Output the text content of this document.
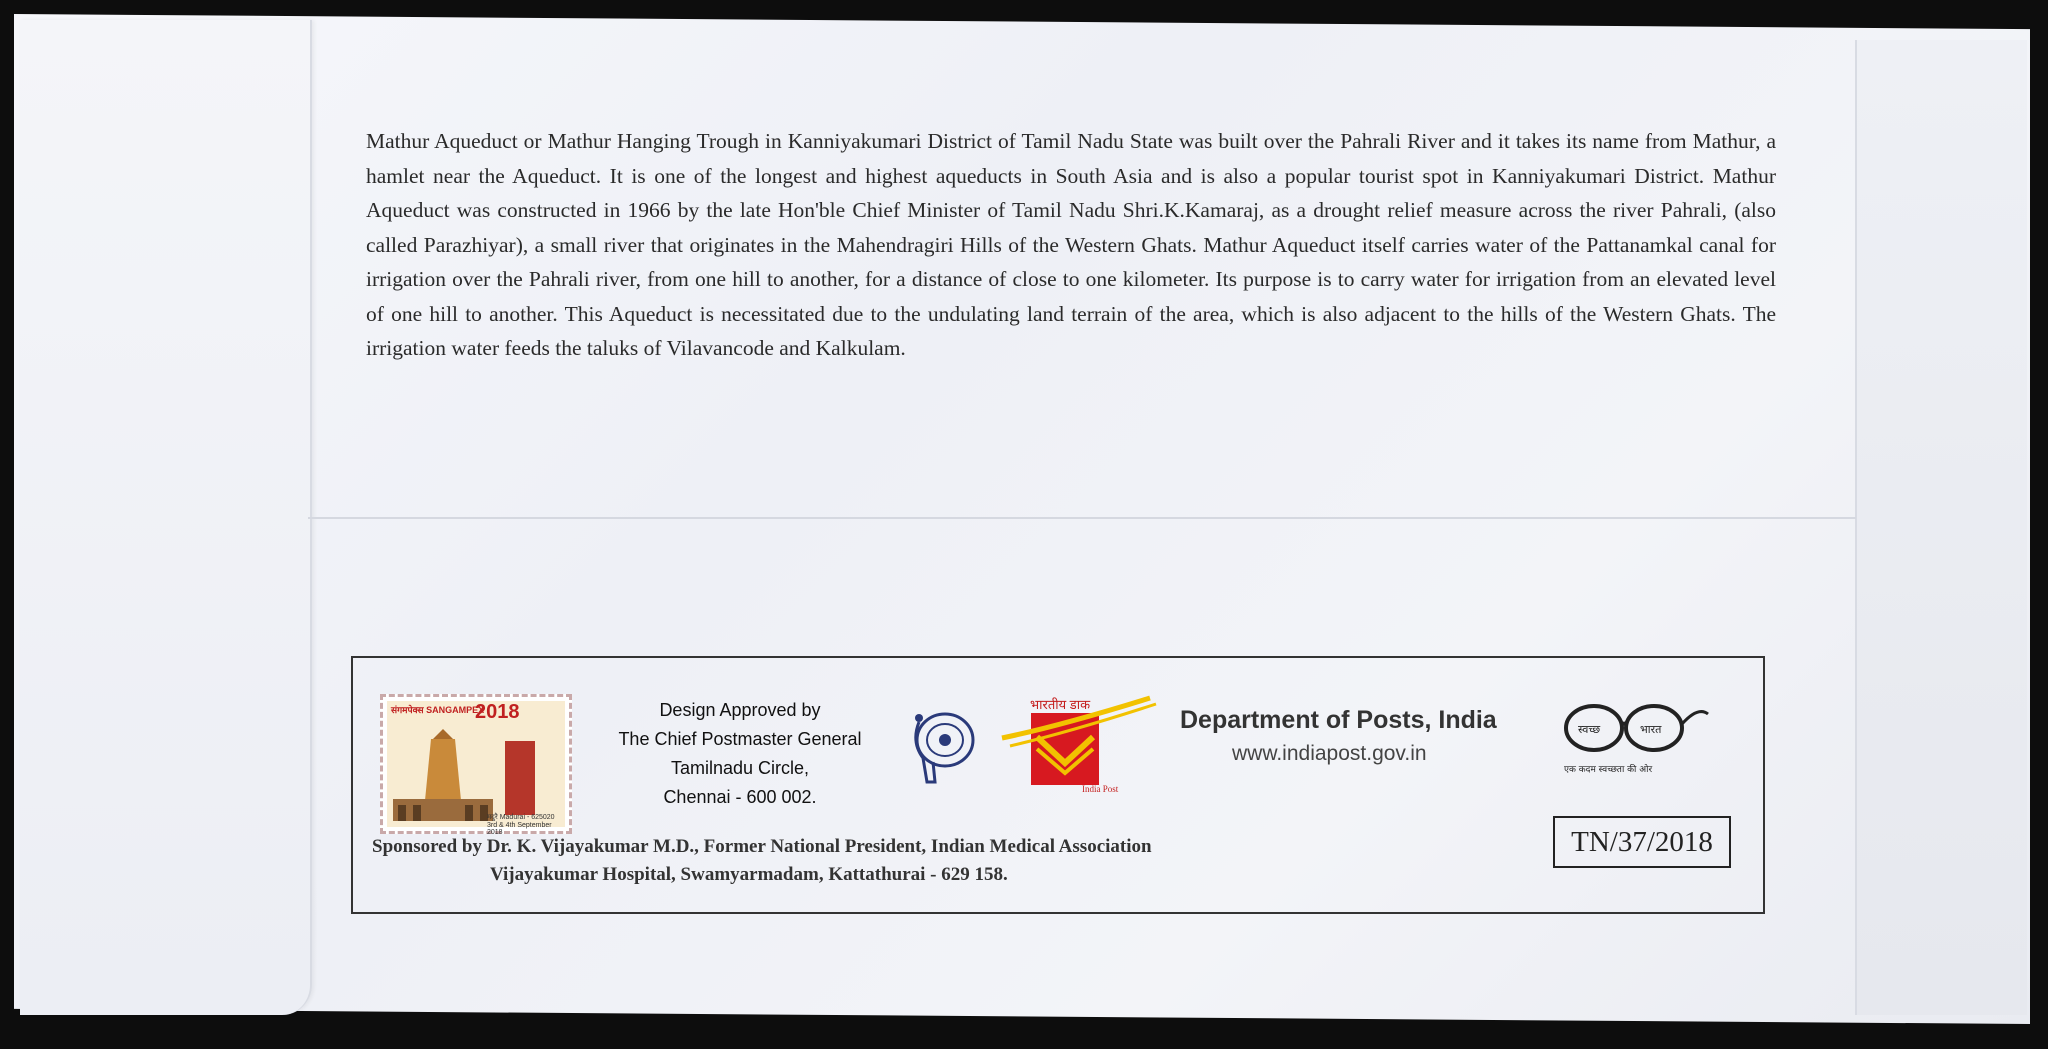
Mathur Aqueduct or Mathur Hanging Trough in Kanniyakumari District of Tamil Nadu State was built over the Pahrali River and it takes its name from Mathur, a hamlet near the Aqueduct. It is one of the longest and highest aqueducts in South Asia and is also a popular tourist spot in Kanniyakumari District. Mathur Aqueduct was constructed in 1966 by the late Hon'ble Chief Minister of Tamil Nadu Shri.K.Kamaraj, as a drought relief measure across the river Pahrali, (also called Parazhiyar), a small river that originates in the Mahendragiri Hills of the Western Ghats. Mathur Aqueduct itself carries water of the Pattanamkal canal for irrigation over the Pahrali river, from one hill to another, for a distance of close to one kilometer. Its purpose is to carry water for irrigation from an elevated level of one hill to another. This Aqueduct is necessitated due to the undulating land terrain of the area, which is also adjacent to the hills of the Western Ghats. The irrigation water feeds the taluks of Vilavancode and Kalkulam.
संगमपेक्स SANGAMPEX
2018
मदुरै Madurai - 625020 3rd & 4th September 2018
Design Approved by
The Chief Postmaster General
Tamilnadu Circle,
Chennai - 600 002.
भारतीय डाक
India Post
Department of Posts, India
www.indiapost.gov.in
स्वच्छ	भारत
एक कदम स्वच्छता की ओर
TN/37/2018
Sponsored by Dr. K. Vijayakumar M.D., Former National President, Indian Medical Association
Vijayakumar Hospital, Swamyarmadam, Kattathurai - 629 158.
